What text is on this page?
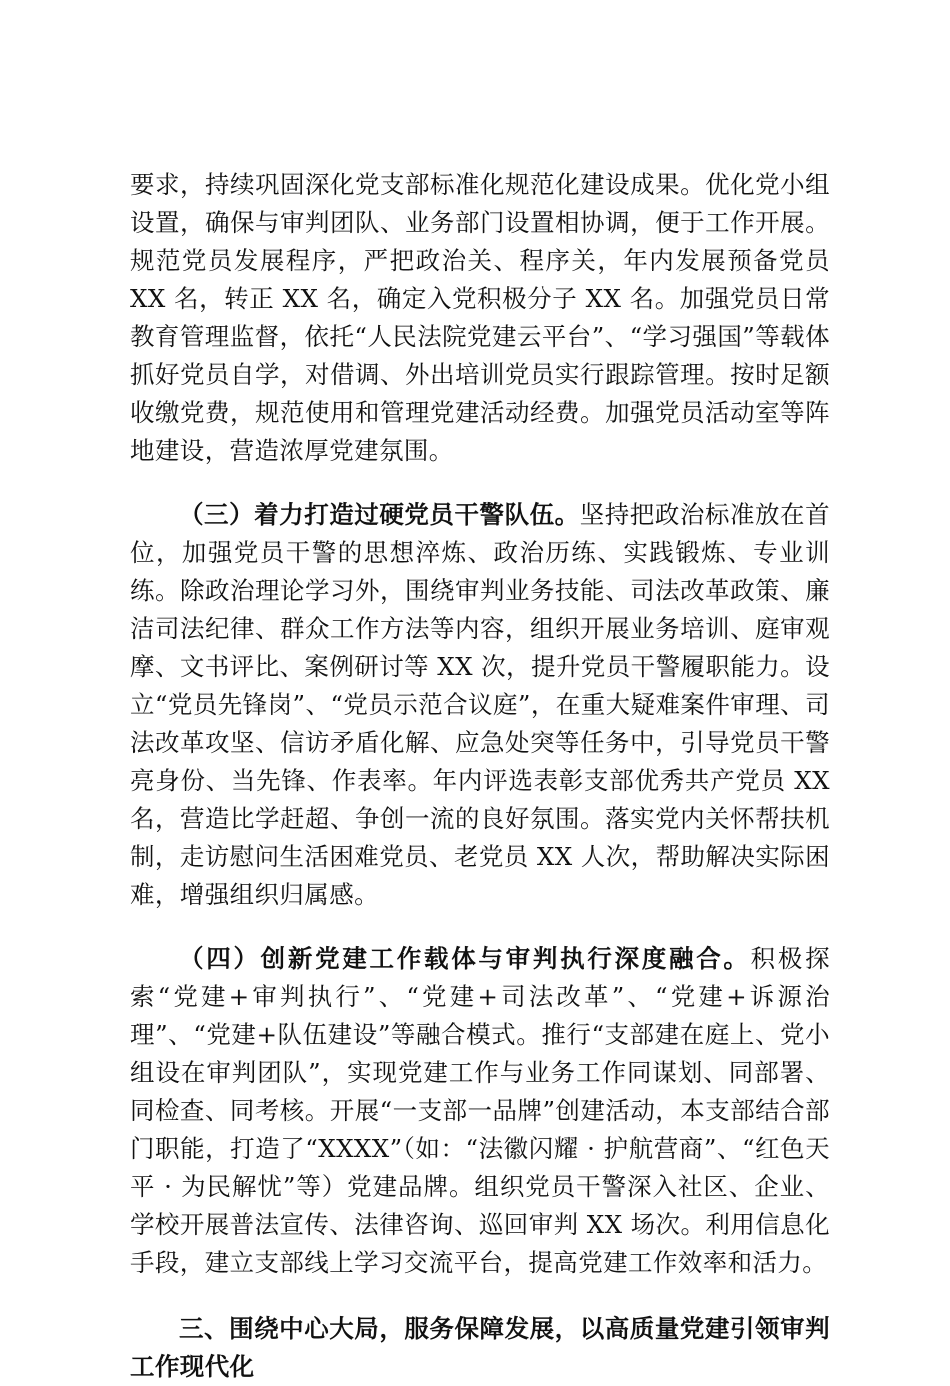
要求，持续巩固深化党支部标准化规范化建设成果。优化党小组设置，确保与审判团队、业务部门设置相协调，便于工作开展。规范党员发展程序，严把政治关、程序关，年内发展预备党员 XX 名，转正 XX 名，确定入党积极分子 XX 名。加强党员日常教育管理监督，依托“人民法院党建云平台”、“学习强国”等载体抓好党员自学，对借调、外出培训党员实行跟踪管理。按时足额收缴党费，规范使用和管理党建活动经费。加强党员活动室等阵地建设，营造浓厚党建氛围。

（三）着力打造过硬党员干警队伍。坚持把政治标准放在首位，加强党员干警的思想淬炼、政治历练、实践锻炼、专业训练。除政治理论学习外，围绕审判业务技能、司法改革政策、廉洁司法纪律、群众工作方法等内容，组织开展业务培训、庭审观摩、文书评比、案例研讨等 XX 次，提升党员干警履职能力。设立“党员先锋岗”、“党员示范合议庭”，在重大疑难案件审理、司法改革攻坚、信访矛盾化解、应急处突等任务中，引导党员干警亮身份、当先锋、作表率。年内评选表彰支部优秀共产党员 XX 名，营造比学赶超、争创一流的良好氛围。落实党内关怀帮扶机制，走访慰问生活困难党员、老党员 XX 人次，帮助解决实际困难，增强组织归属感。

（四）创新党建工作载体与审判执行深度融合。积极探索“党建+审判执行”、“党建+司法改革”、“党建+诉源治理”、“党建+队伍建设”等融合模式。推行“支部建在庭上、党小组设在审判团队”，实现党建工作与业务工作同谋划、同部署、同检查、同考核。开展“一支部一品牌”创建活动，本支部结合部门职能，打造了“XXXX”（如：“法徽闪耀 · 护航营商”、“红色天平 · 为民解忧”等）党建品牌。组织党员干警深入社区、企业、学校开展普法宣传、法律咨询、巡回审判 XX 场次。利用信息化手段，建立支部线上学习交流平台，提高党建工作效率和活力。

三、围绕中心大局，服务保障发展，以高质量党建引领审判工作现代化
